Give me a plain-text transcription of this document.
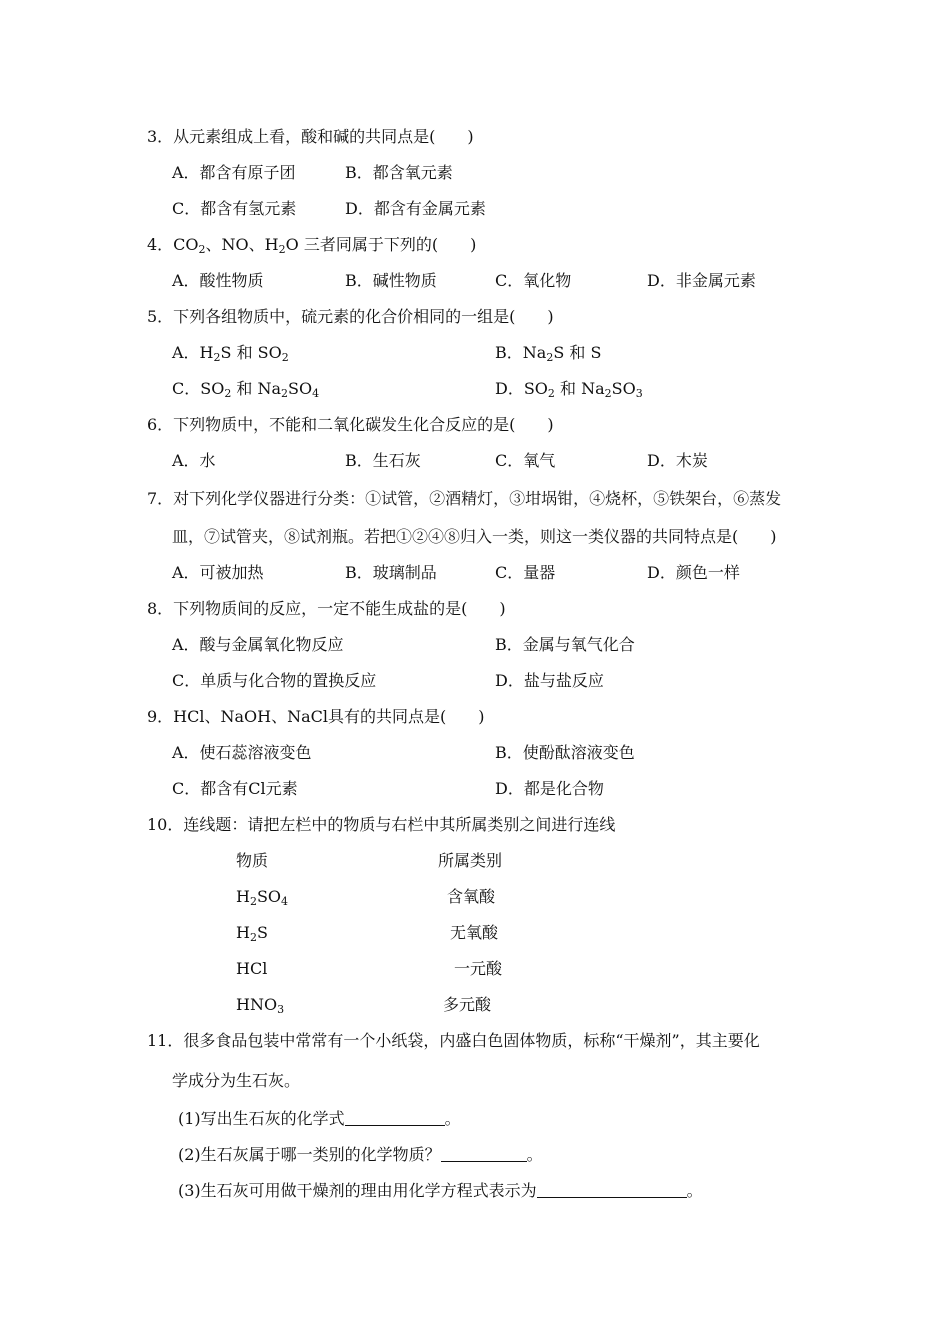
3．从元素组成上看，酸和碱的共同点是(　　)
A．都含有原子团	B．都含氧元素
C．都含有氢元素	D．都含有金属元素
4．$CO_2$、NO、$H_2O$ 三者同属于下列的(　　)
A．酸性物质	B．碱性物质	C．氧化物	D．非金属元素
5．下列各组物质中，硫元素的化合价相同的一组是(　　)
A．$H_2S$ 和 $SO_2$	B．$Na_2S$ 和 S
C．$SO_2$ 和 $Na_2SO_4$	D．$SO_2$ 和 $Na_2SO_3$
6．下列物质中，不能和二氧化碳发生化合反应的是(　　)
A．水	B．生石灰	C．氧气	D．木炭
7．对下列化学仪器进行分类：①试管，②酒精灯，③坩埚钳，④烧杯，⑤铁架台，⑥蒸发
皿，⑦试管夹，⑧试剂瓶。若把①②④⑧归入一类，则这一类仪器的共同特点是(　　)
A．可被加热	B．玻璃制品	C．量器	D．颜色一样
8．下列物质间的反应，一定不能生成盐的是(　　)
A．酸与金属氧化物反应	B．金属与氧气化合
C．单质与化合物的置换反应	D．盐与盐反应
9．HCl、NaOH、NaCl具有的共同点是(　　)
A．使石蕊溶液变色	B．使酚酞溶液变色
C．都含有Cl元素	D．都是化合物
10．连线题：请把左栏中的物质与右栏中其所属类别之间进行连线
物质	所属类别
$H_2SO_4$	含氧酸
$H_2S$	无氧酸
HCl	一元酸
$HNO_3$	多元酸
11．很多食品包装中常常有一个小纸袋，内盛白色固体物质，标称“干燥剂”，其主要化
学成分为生石灰。
(1)写出生石灰的化学式	。
(2)生石灰属于哪一类别的化学物质？	。
(3)生石灰可用做干燥剂的理由用化学方程式表示为	。
